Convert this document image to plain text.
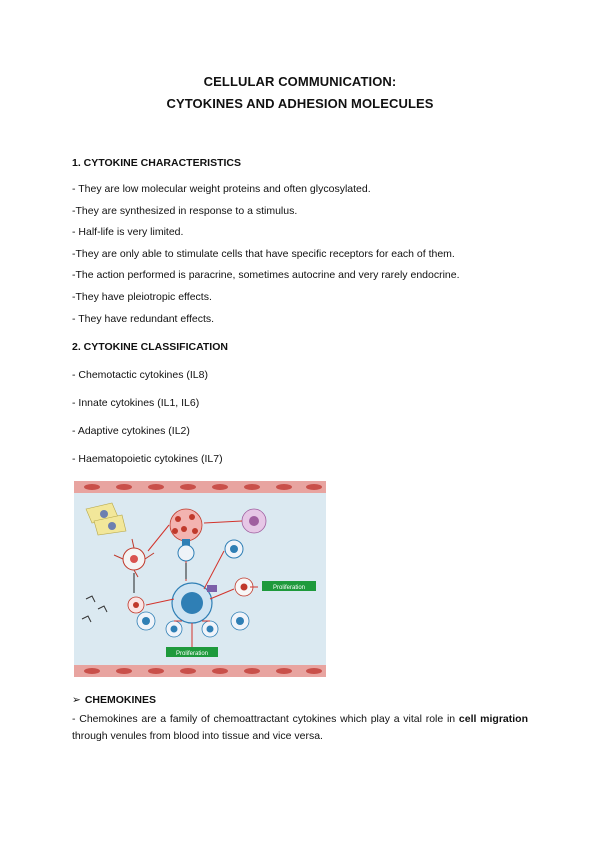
CELLULAR COMMUNICATION:
CYTOKINES AND ADHESION MOLECULES
1. CYTOKINE CHARACTERISTICS
- They are low molecular weight proteins and often glycosylated.
-They are synthesized in response to a stimulus.
- Half-life is very limited.
-They are only able to stimulate cells that have specific receptors for each of them.
-The action performed is paracrine, sometimes autocrine and very rarely endocrine.
-They have pleiotropic effects.
- They have redundant effects.
2. CYTOKINE CLASSIFICATION
- Chemotactic cytokines (IL8)
- Innate cytokines (IL1, IL6)
- Adaptive cytokines (IL2)
- Haematopoietic cytokines (IL7)
Proliferation
Proliferation
➢ CHEMOKINES
- Chemokines are a family of chemoattractant cytokines which play a vital role in cell migration through venules from blood into tissue and vice versa.
